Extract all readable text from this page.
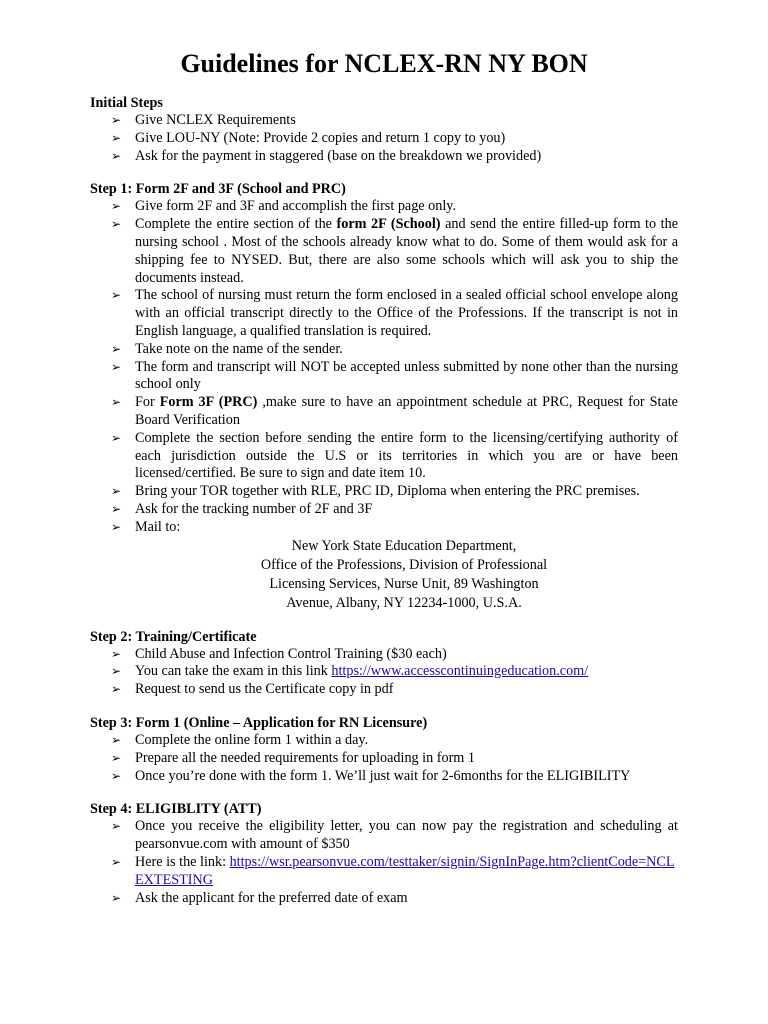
Guidelines for NCLEX-RN NY BON

Initial Steps

➢ Give NCLEX Requirements
➢ Give LOU-NY (Note: Provide 2 copies and return 1 copy to you)
➢ Ask for the payment in staggered (base on the breakdown we provided)

Step 1: Form 2F and 3F (School and PRC)

➢ Give form 2F and 3F and accomplish the first page only.
➢ Complete the entire section of the form 2F (School) and send the entire filled-up form to the nursing school . Most of the schools already know what to do. Some of them would ask for a shipping fee to NYSED. But, there are also some schools which will ask you to ship the documents instead.
➢ The school of nursing must return the form enclosed in a sealed official school envelope along with an official transcript directly to the Office of the Professions. If the transcript is not in English language, a qualified translation is required.
➢ Take note on the name of the sender.
➢ The form and transcript will NOT be accepted unless submitted by none other than the nursing school only
➢ For Form 3F (PRC) ,make sure to have an appointment schedule at PRC, Request for State Board Verification
➢ Complete the section before sending the entire form to the licensing/certifying authority of each jurisdiction outside the U.S or its territories in which you are or have been licensed/certified. Be sure to sign and date item 10.
➢ Bring your TOR together with RLE, PRC ID, Diploma when entering the PRC premises.
➢ Ask for the tracking number of 2F and 3F
➢ Mail to:
New York State Education Department,
Office of the Professions, Division of Professional
Licensing Services, Nurse Unit, 89 Washington
Avenue, Albany, NY 12234-1000, U.S.A.

Step 2: Training/Certificate

➢ Child Abuse and Infection Control Training ($30 each)
➢ You can take the exam in this link https://www.accesscontinuingeducation.com/
➢ Request to send us the Certificate copy in pdf

Step 3: Form 1 (Online – Application for RN Licensure)

➢ Complete the online form 1 within a day.
➢ Prepare all the needed requirements for uploading in form 1
➢ Once you’re done with the form 1. We’ll just wait for 2-6months for the ELIGIBILITY

Step 4: ELIGIBLITY (ATT)

➢ Once you receive the eligibility letter, you can now pay the registration and scheduling at pearsonvue.com with amount of $350
➢ Here is the link: https://wsr.pearsonvue.com/testtaker/signin/SignInPage.htm?clientCode=NCLEXTESTING
➢ Ask the applicant for the preferred date of exam
